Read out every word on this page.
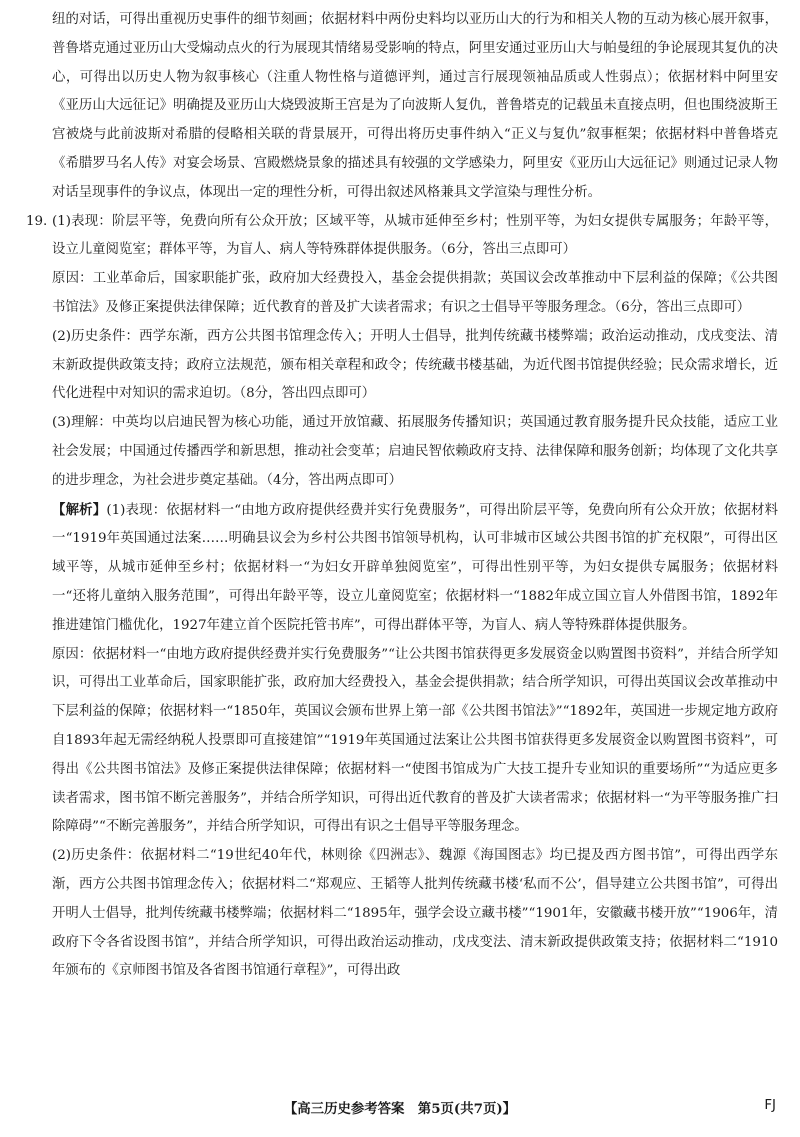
纽的对话，可得出重视历史事件的细节刻画；依据材料中两份史料均以亚历山大的行为和相关人物的互动为核心展开叙事，普鲁塔克通过亚历山大受煽动点火的行为展现其情绪易受影响的特点，阿里安通过亚历山大与帕曼纽的争论展现其复仇的决心，可得出以历史人物为叙事核心（注重人物性格与道德评判，通过言行展现领袖品质或人性弱点）；依据材料中阿里安《亚历山大远征记》明确提及亚历山大烧毁波斯王宫是为了向波斯人复仇，普鲁塔克的记载虽未直接点明，但也围绕波斯王宫被烧与此前波斯对希腊的侵略相关联的背景展开，可得出将历史事件纳入“正义与复仇”叙事框架；依据材料中普鲁塔克《希腊罗马名人传》对宴会场景、宫殿燃烧景象的描述具有较强的文学感染力，阿里安《亚历山大远征记》则通过记录人物对话呈现事件的争议点，体现出一定的理性分析，可得出叙述风格兼具文学渲染与理性分析。

19. (1)表现：阶层平等，免费向所有公众开放；区域平等，从城市延伸至乡村；性别平等，为妇女提供专属服务；年龄平等，设立儿童阅览室；群体平等，为盲人、病人等特殊群体提供服务。（6分，答出三点即可）

原因：工业革命后，国家职能扩张，政府加大经费投入，基金会提供捐款；英国议会改革推动中下层利益的保障；《公共图书馆法》及修正案提供法律保障；近代教育的普及扩大读者需求；有识之士倡导平等服务理念。（6分，答出三点即可）

(2)历史条件：西学东渐，西方公共图书馆理念传入；开明人士倡导，批判传统藏书楼弊端；政治运动推动，戊戌变法、清末新政提供政策支持；政府立法规范，颁布相关章程和政令；传统藏书楼基础，为近代图书馆提供经验；民众需求增长，近代化进程中对知识的需求迫切。（8分，答出四点即可）

(3)理解：中英均以启迪民智为核心功能，通过开放馆藏、拓展服务传播知识；英国通过教育服务提升民众技能，适应工业社会发展；中国通过传播西学和新思想，推动社会变革；启迪民智依赖政府支持、法律保障和服务创新；均体现了文化共享的进步理念，为社会进步奠定基础。（4分，答出两点即可）

【解析】(1)表现：依据材料一“由地方政府提供经费并实行免费服务”，可得出阶层平等，免费向所有公众开放；依据材料一“1919年英国通过法案……明确县议会为乡村公共图书馆领导机构，认可非城市区域公共图书馆的扩充权限”，可得出区域平等，从城市延伸至乡村；依据材料一“为妇女开辟单独阅览室”，可得出性别平等，为妇女提供专属服务；依据材料一“还将儿童纳入服务范围”，可得出年龄平等，设立儿童阅览室；依据材料一“1882年成立国立盲人外借图书馆，1892年推进建馆门槛优化，1927年建立首个医院托管书库”，可得出群体平等，为盲人、病人等特殊群体提供服务。

原因：依据材料一“由地方政府提供经费并实行免费服务”“让公共图书馆获得更多发展资金以购置图书资料”，并结合所学知识，可得出工业革命后，国家职能扩张，政府加大经费投入，基金会提供捐款；结合所学知识，可得出英国议会改革推动中下层利益的保障；依据材料一“1850年，英国议会颁布世界上第一部《公共图书馆法》”“1892年，英国进一步规定地方政府自1893年起无需经纳税人投票即可直接建馆”“1919年英国通过法案让公共图书馆获得更多发展资金以购置图书资料”，可得出《公共图书馆法》及修正案提供法律保障；依据材料一“使图书馆成为广大技工提升专业知识的重要场所”“为适应更多读者需求，图书馆不断完善服务”，并结合所学知识，可得出近代教育的普及扩大读者需求；依据材料一“为平等服务推广扫除障碍”“不断完善服务”，并结合所学知识，可得出有识之士倡导平等服务理念。

(2)历史条件：依据材料二“19世纪40年代，林则徐《四洲志》、魏源《海国图志》均已提及西方图书馆”，可得出西学东渐，西方公共图书馆理念传入；依据材料二“郑观应、王韬等人批判传统藏书楼‘私而不公’，倡导建立公共图书馆”，可得出开明人士倡导，批判传统藏书楼弊端；依据材料二“1895年，强学会设立藏书楼”“1901年，安徽藏书楼开放”“1906年，清政府下令各省设图书馆”，并结合所学知识，可得出政治运动推动，戊戌变法、清末新政提供政策支持；依据材料二“1910年颁布的《京师图书馆及各省图书馆通行章程》”，可得出政

【高三历史参考答案　第5页(共7页)】	FJ
